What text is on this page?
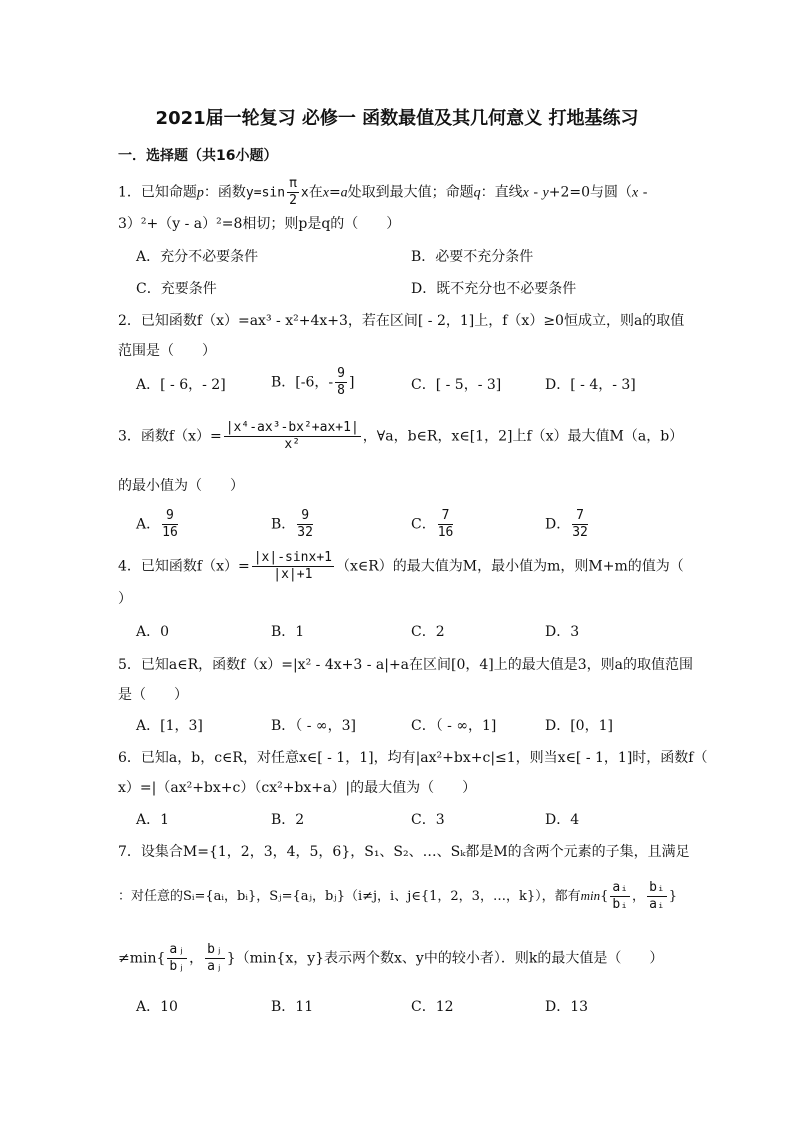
2021届一轮复习 必修一 函数最值及其几何意义 打地基练习
一．选择题（共16小题）
1．已知命题p：函数$y=\sin \frac{\pi}{2}$ x在x=a处取到最大值；命题q：直线x - y+2=0与圆（x -
3）²+（y - a）²=8相切；则p是q的（　　）
A．充分不必要条件	B．必要不充分条件
C．充要条件	D．既不充分也不必要条件
2．已知函数f（x）=ax³ - x²+4x+3，若在区间[ - 2，1]上，f（x）≥0恒成立，则a的取值
范围是（　　）
A．[ - 6，- 2]	B．[-6，- $\frac{9}{8}$ ]	C．[ - 5，- 3]	D．[ - 4，- 3]
3．函数$f(x)= \frac{\text{|x⁴-ax³-bx²+ax+1|}}{\text{x²}}$ ，∀a，b∈R，x∈[1，2]上f（x）最大值M（a，b）
的最小值为（　　）
A． $\frac{9}{16}$	B． $\frac{9}{32}$	C． $\frac{7}{16}$	D． $\frac{7}{32}$
4．已知函数$f(x)= \frac{|x|-\sin x+1}{|x|+1}$ （x∈R）的最大值为M，最小值为m，则M+m的值为（
）
A．0	B．1	C．2	D．3
5．已知a∈R，函数f（x）=|x² - 4x+3 - a|+a在区间[0，4]上的最大值是3，则a的取值范围
是（　　）
A．[1，3]	B．（ - ∞，3]	C．（ - ∞，1]	D．[0，1]
6．已知a，b，c∈R，对任意x∈[ - 1，1]，均有|ax²+bx+c|≤1，则当x∈[ - 1，1]时，函数f（
x）=|（ax²+bx+c）（cx²+bx+a）|的最大值为（　　）
A．1	B．2	C．3	D．4
7．设集合M={1，2，3，4，5，6}，S₁、S₂、…、Sₖ都是M的含两个元素的子集，且满足
：对任意的Sᵢ={aᵢ，bᵢ}，Sⱼ={aⱼ，bⱼ}（i≠j，i、j∈{1，2，3，…，k}），都有$\min\{ \frac{\text{aᵢ}}{\text{bᵢ}}$ ， $\frac{\text{bᵢ}}{\text{aᵢ}}$ }
$\ne\min\{ \frac{\text{aⱼ}}{\text{bⱼ}}$ ， $\frac{\text{bⱼ}}{\text{aⱼ}} \}(\min\{x$，y}表示两个数x、y中的较小者）．则k的最大值是（　　）
A．10	B．11	C．12	D．13
